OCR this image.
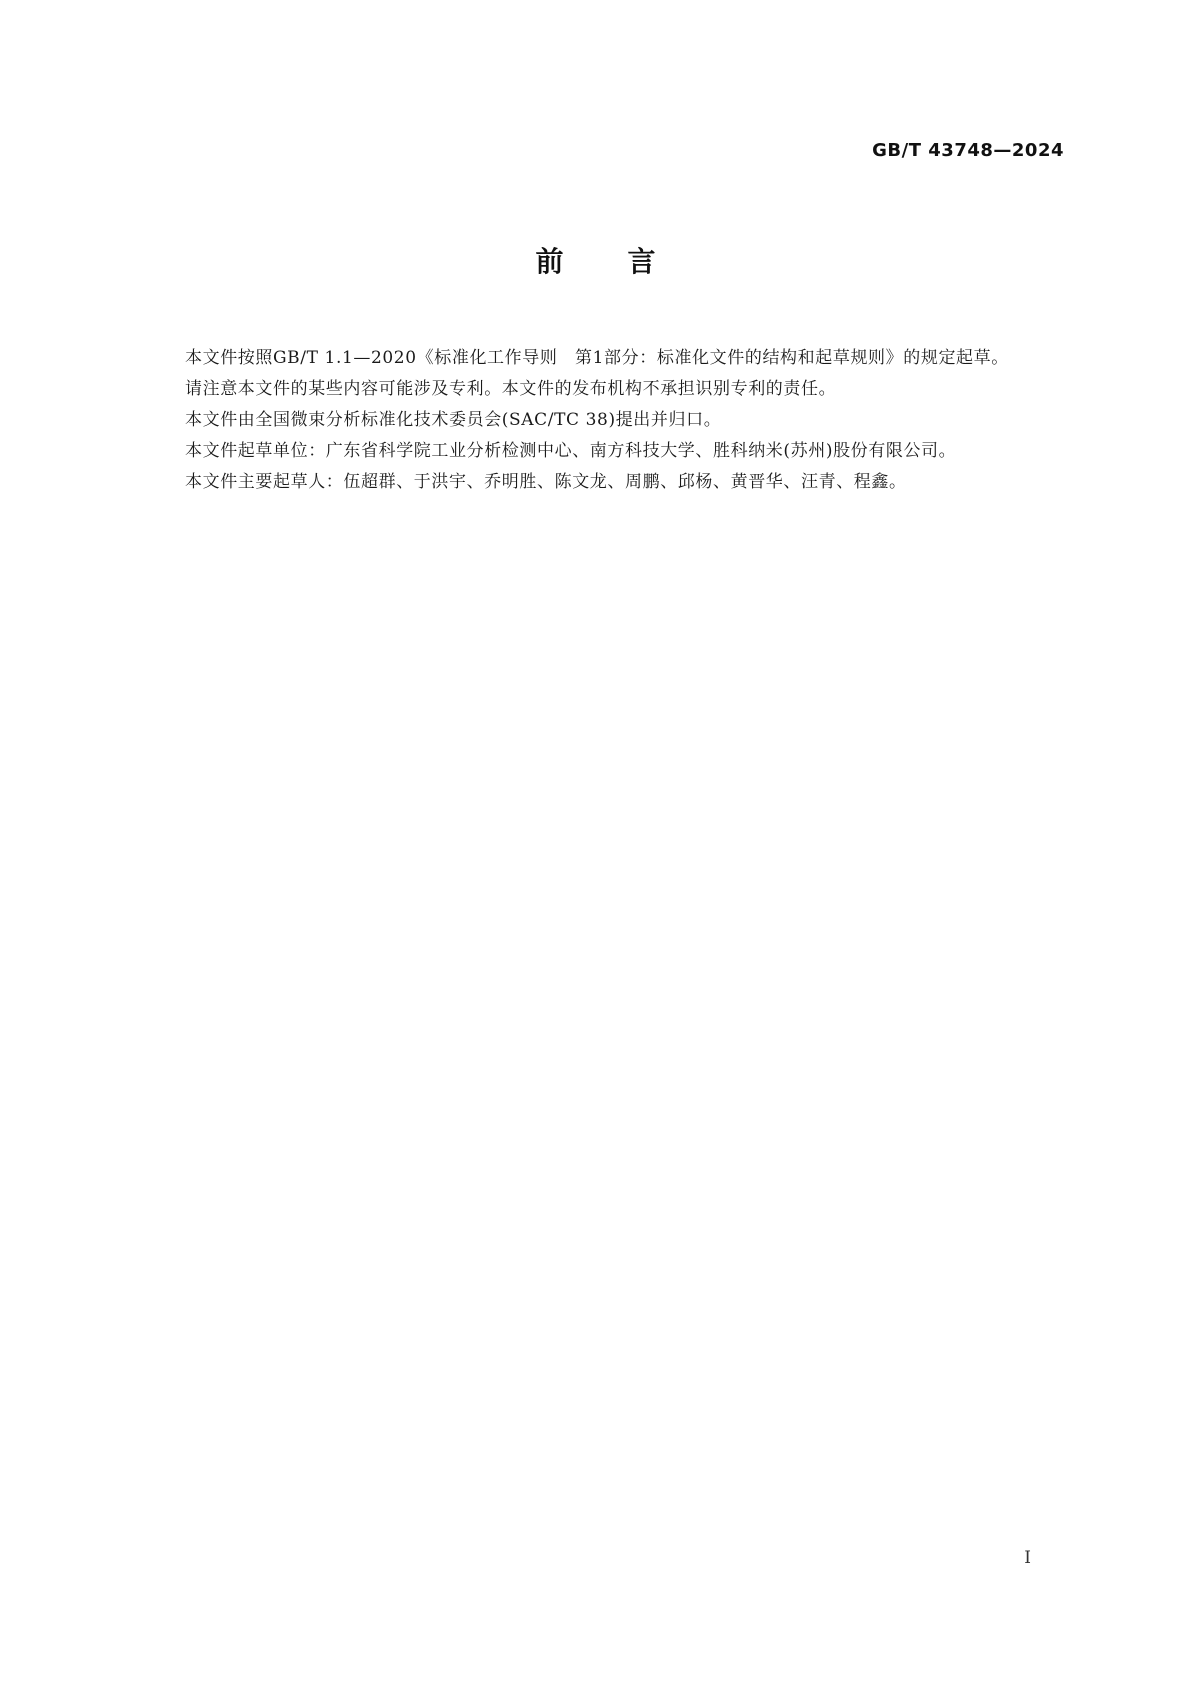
GB/T 43748—2024
前言

本文件按照GB/T 1.1—2020《标准化工作导则　第1部分：标准化文件的结构和起草规则》的规定起草。

请注意本文件的某些内容可能涉及专利。本文件的发布机构不承担识别专利的责任。

本文件由全国微束分析标准化技术委员会(SAC/TC 38)提出并归口。

本文件起草单位：广东省科学院工业分析检测中心、南方科技大学、胜科纳米(苏州)股份有限公司。

本文件主要起草人：伍超群、于洪宇、乔明胜、陈文龙、周鹏、邱杨、黄晋华、汪青、程鑫。

I
